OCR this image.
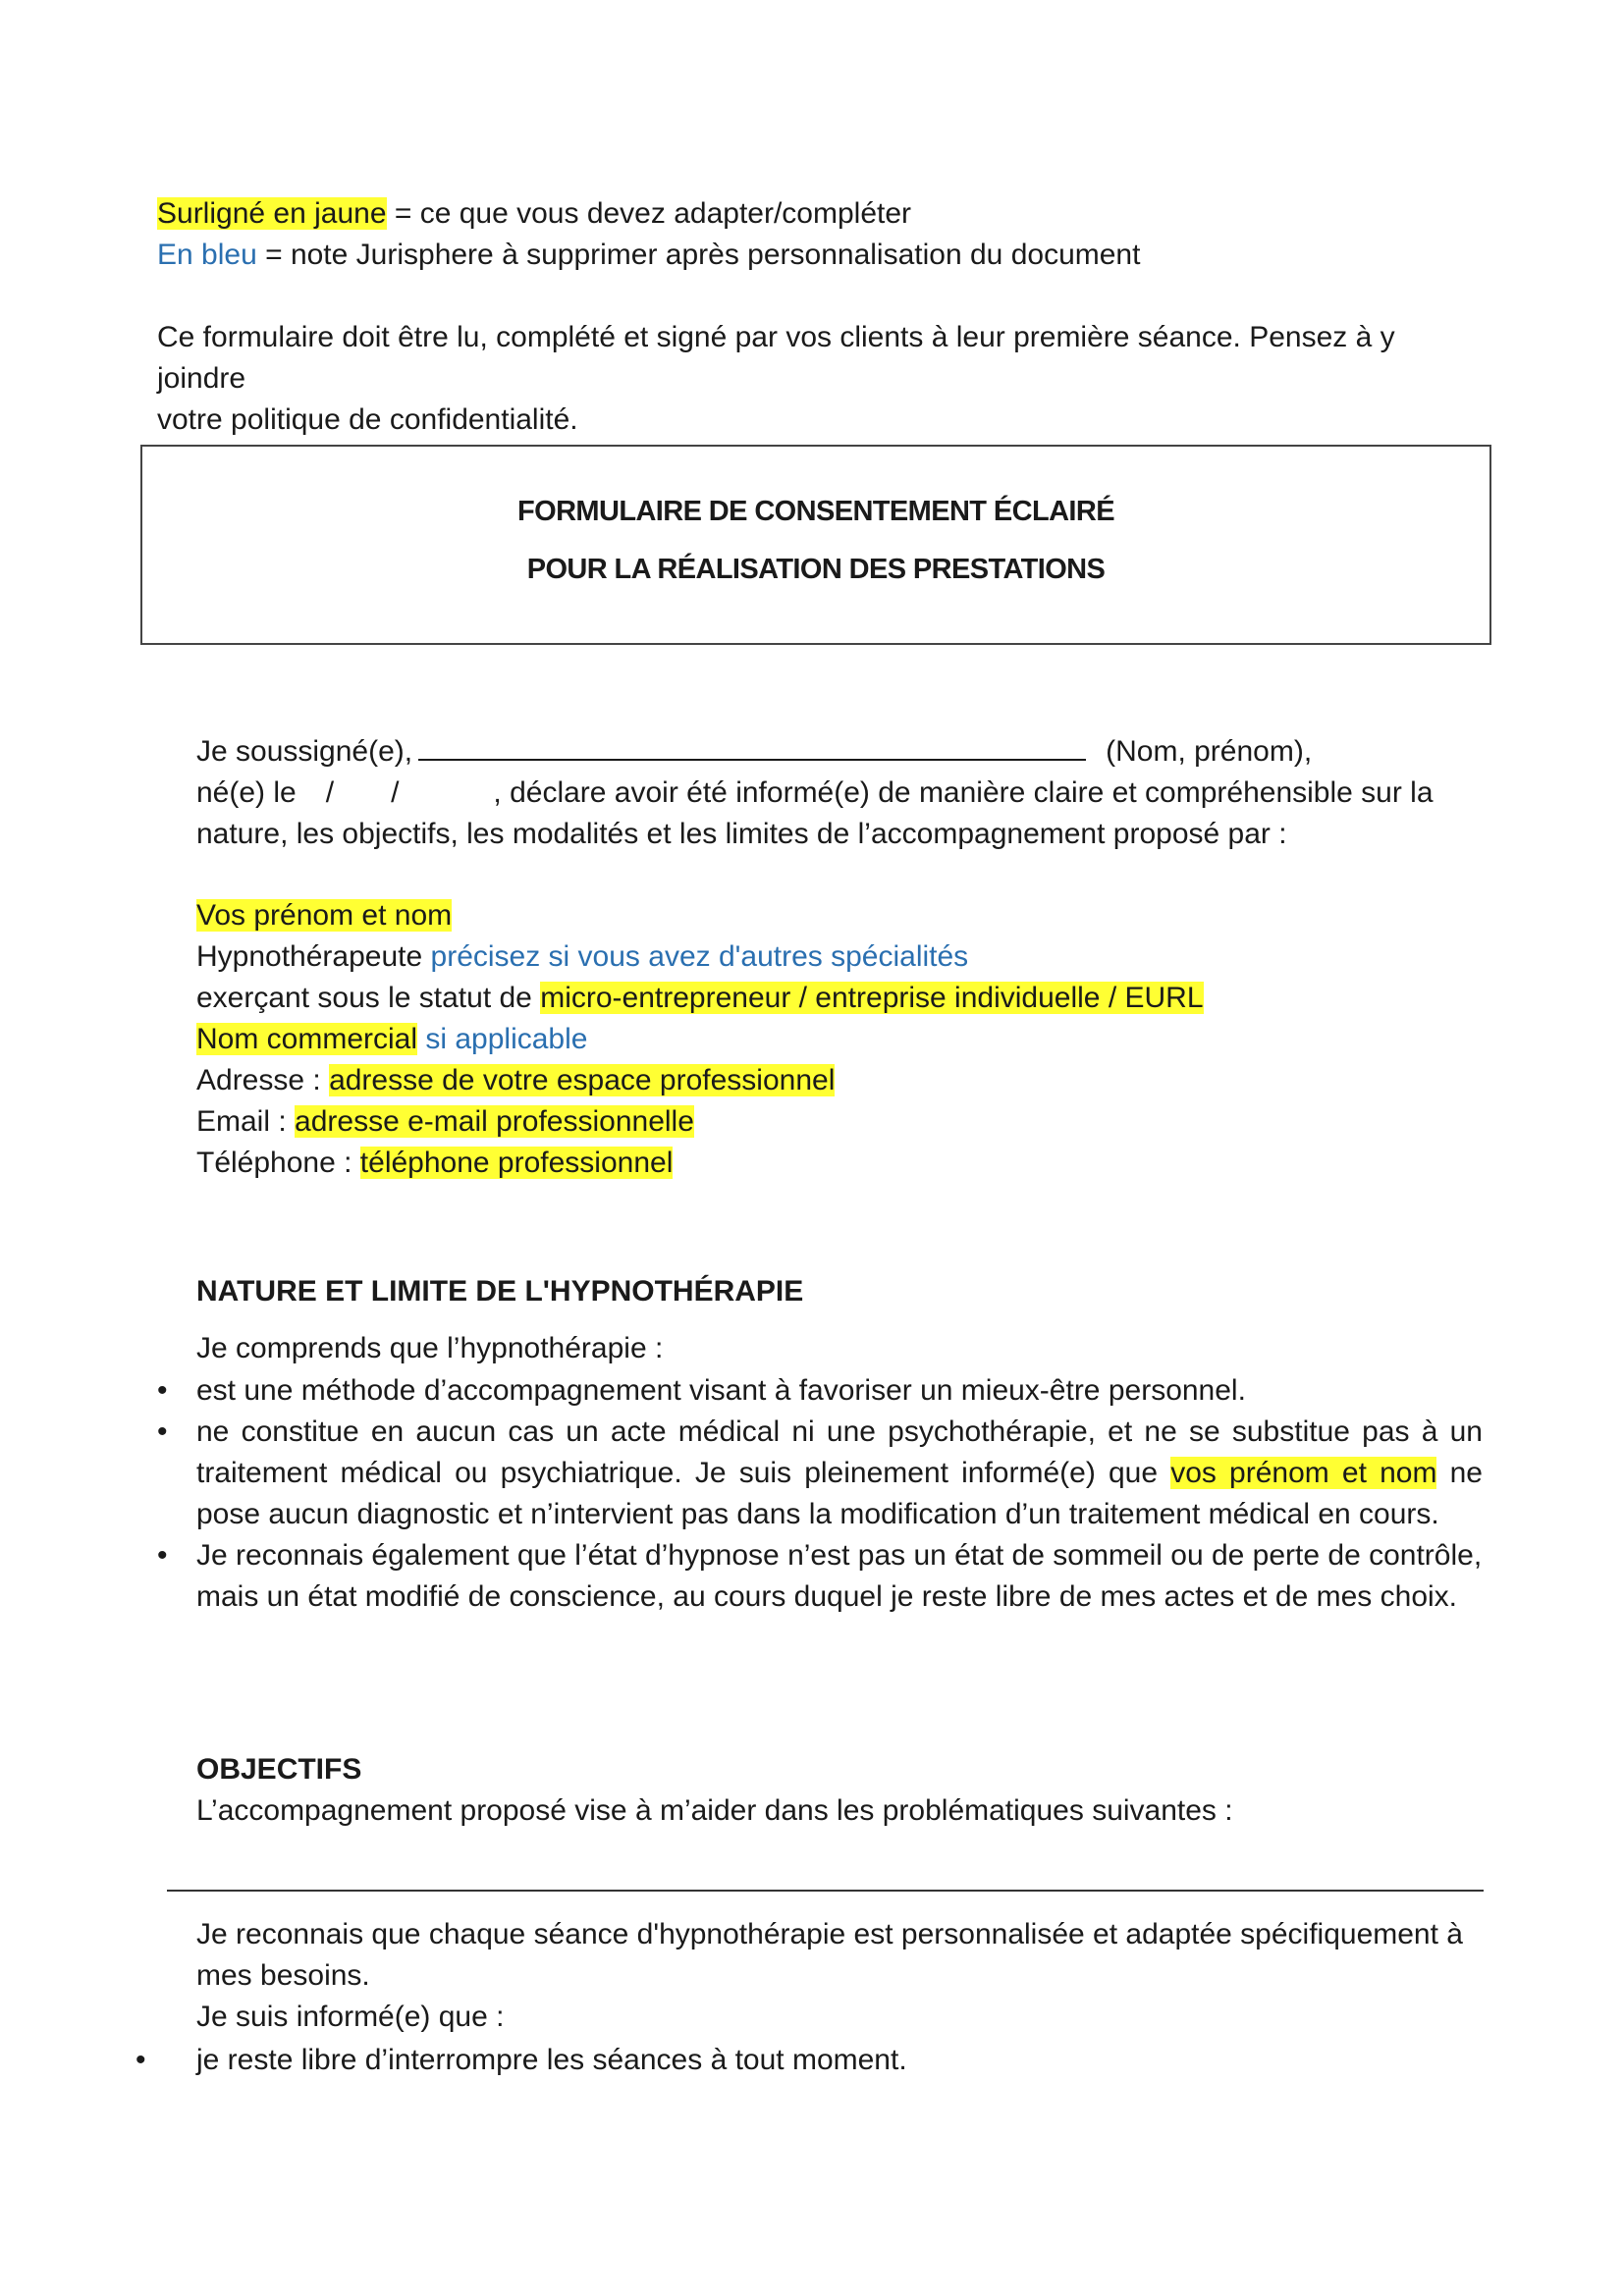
Surligné en jaune = ce que vous devez adapter/compléter

En bleu = note Jurisphere à supprimer après personnalisation du document

Ce formulaire doit être lu, complété et signé par vos clients à leur première séance. Pensez à y joindre

votre politique de confidentialité.

FORMULAIRE DE CONSENTEMENT ÉCLAIRÉ
POUR LA RÉALISATION DES PRESTATIONS

Je soussigné(e),	(Nom, prénom),

né(e) le / /	, déclare avoir été informé(e) de manière claire et compréhensible sur la

nature, les objectifs, les modalités et les limites de l’accompagnement proposé par :

Vos prénom et nom

Hypnothérapeute précisez si vous avez d'autres spécialités

exerçant sous le statut de micro-entrepreneur / entreprise individuelle / EURL

Nom commercial si applicable

Adresse : adresse de votre espace professionnel

Email : adresse e-mail professionnelle

Téléphone : téléphone professionnel

NATURE ET LIMITE DE L'HYPNOTHÉRAPIE
Je comprends que l’hypnothérapie :
• est une méthode d’accompagnement visant à favoriser un mieux-être personnel.
• ne constitue en aucun cas un acte médical ni une psychothérapie, et ne se substitue pas à un traitement médical ou psychiatrique. Je suis pleinement informé(e) que vos prénom et nom ne pose aucun diagnostic et n’intervient pas dans la modification d’un traitement médical en cours.
• Je reconnais également que l’état d’hypnose n’est pas un état de sommeil ou de perte de contrôle, mais un état modifié de conscience, au cours duquel je reste libre de mes actes et de mes choix.
OBJECTIFS
L’accompagnement proposé vise à m’aider dans les problématiques suivantes :

Je reconnais que chaque séance d'hypnothérapie est personnalisée et adaptée spécifiquement à

mes besoins.

Je suis informé(e) que :

• je reste libre d’interrompre les séances à tout moment.
